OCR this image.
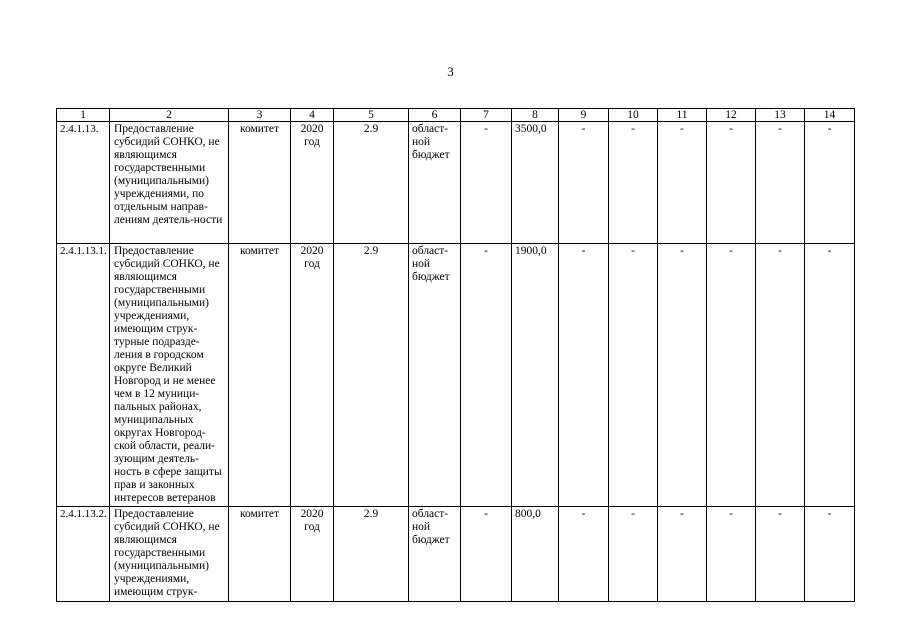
3
1	2	3	4	5	6	7	8	9	10	11	12	13	14
2.4.1.13.	Предоставление субсидий СОНКО, не являющимся государственными (муниципальными) учреждениями, по отдельным направ-лениям деятель-ности	комитет	2020 год	2.9	област-ной бюджет	-	3500,0	-	-	-	-	-	-
2.4.1.13.1.	Предоставление субсидий СОНКО, не являющимся государственными (муниципальными) учреждениями, имеющим струк-турные подразде-ления в городском округе Великий Новгород и не менее чем в 12 муници-пальных районах, муниципальных округах Новгород-ской области, реали-зующим деятель-ность в сфере защиты прав и законных интересов ветеранов	комитет	2020 год	2.9	област-ной бюджет	-	1900,0	-	-	-	-	-	-
2.4.1.13.2.	Предоставление субсидий СОНКО, не являющимся государственными (муниципальными) учреждениями, имеющим струк-	комитет	2020 год	2.9	област-ной бюджет	-	800,0	-	-	-	-	-	-
